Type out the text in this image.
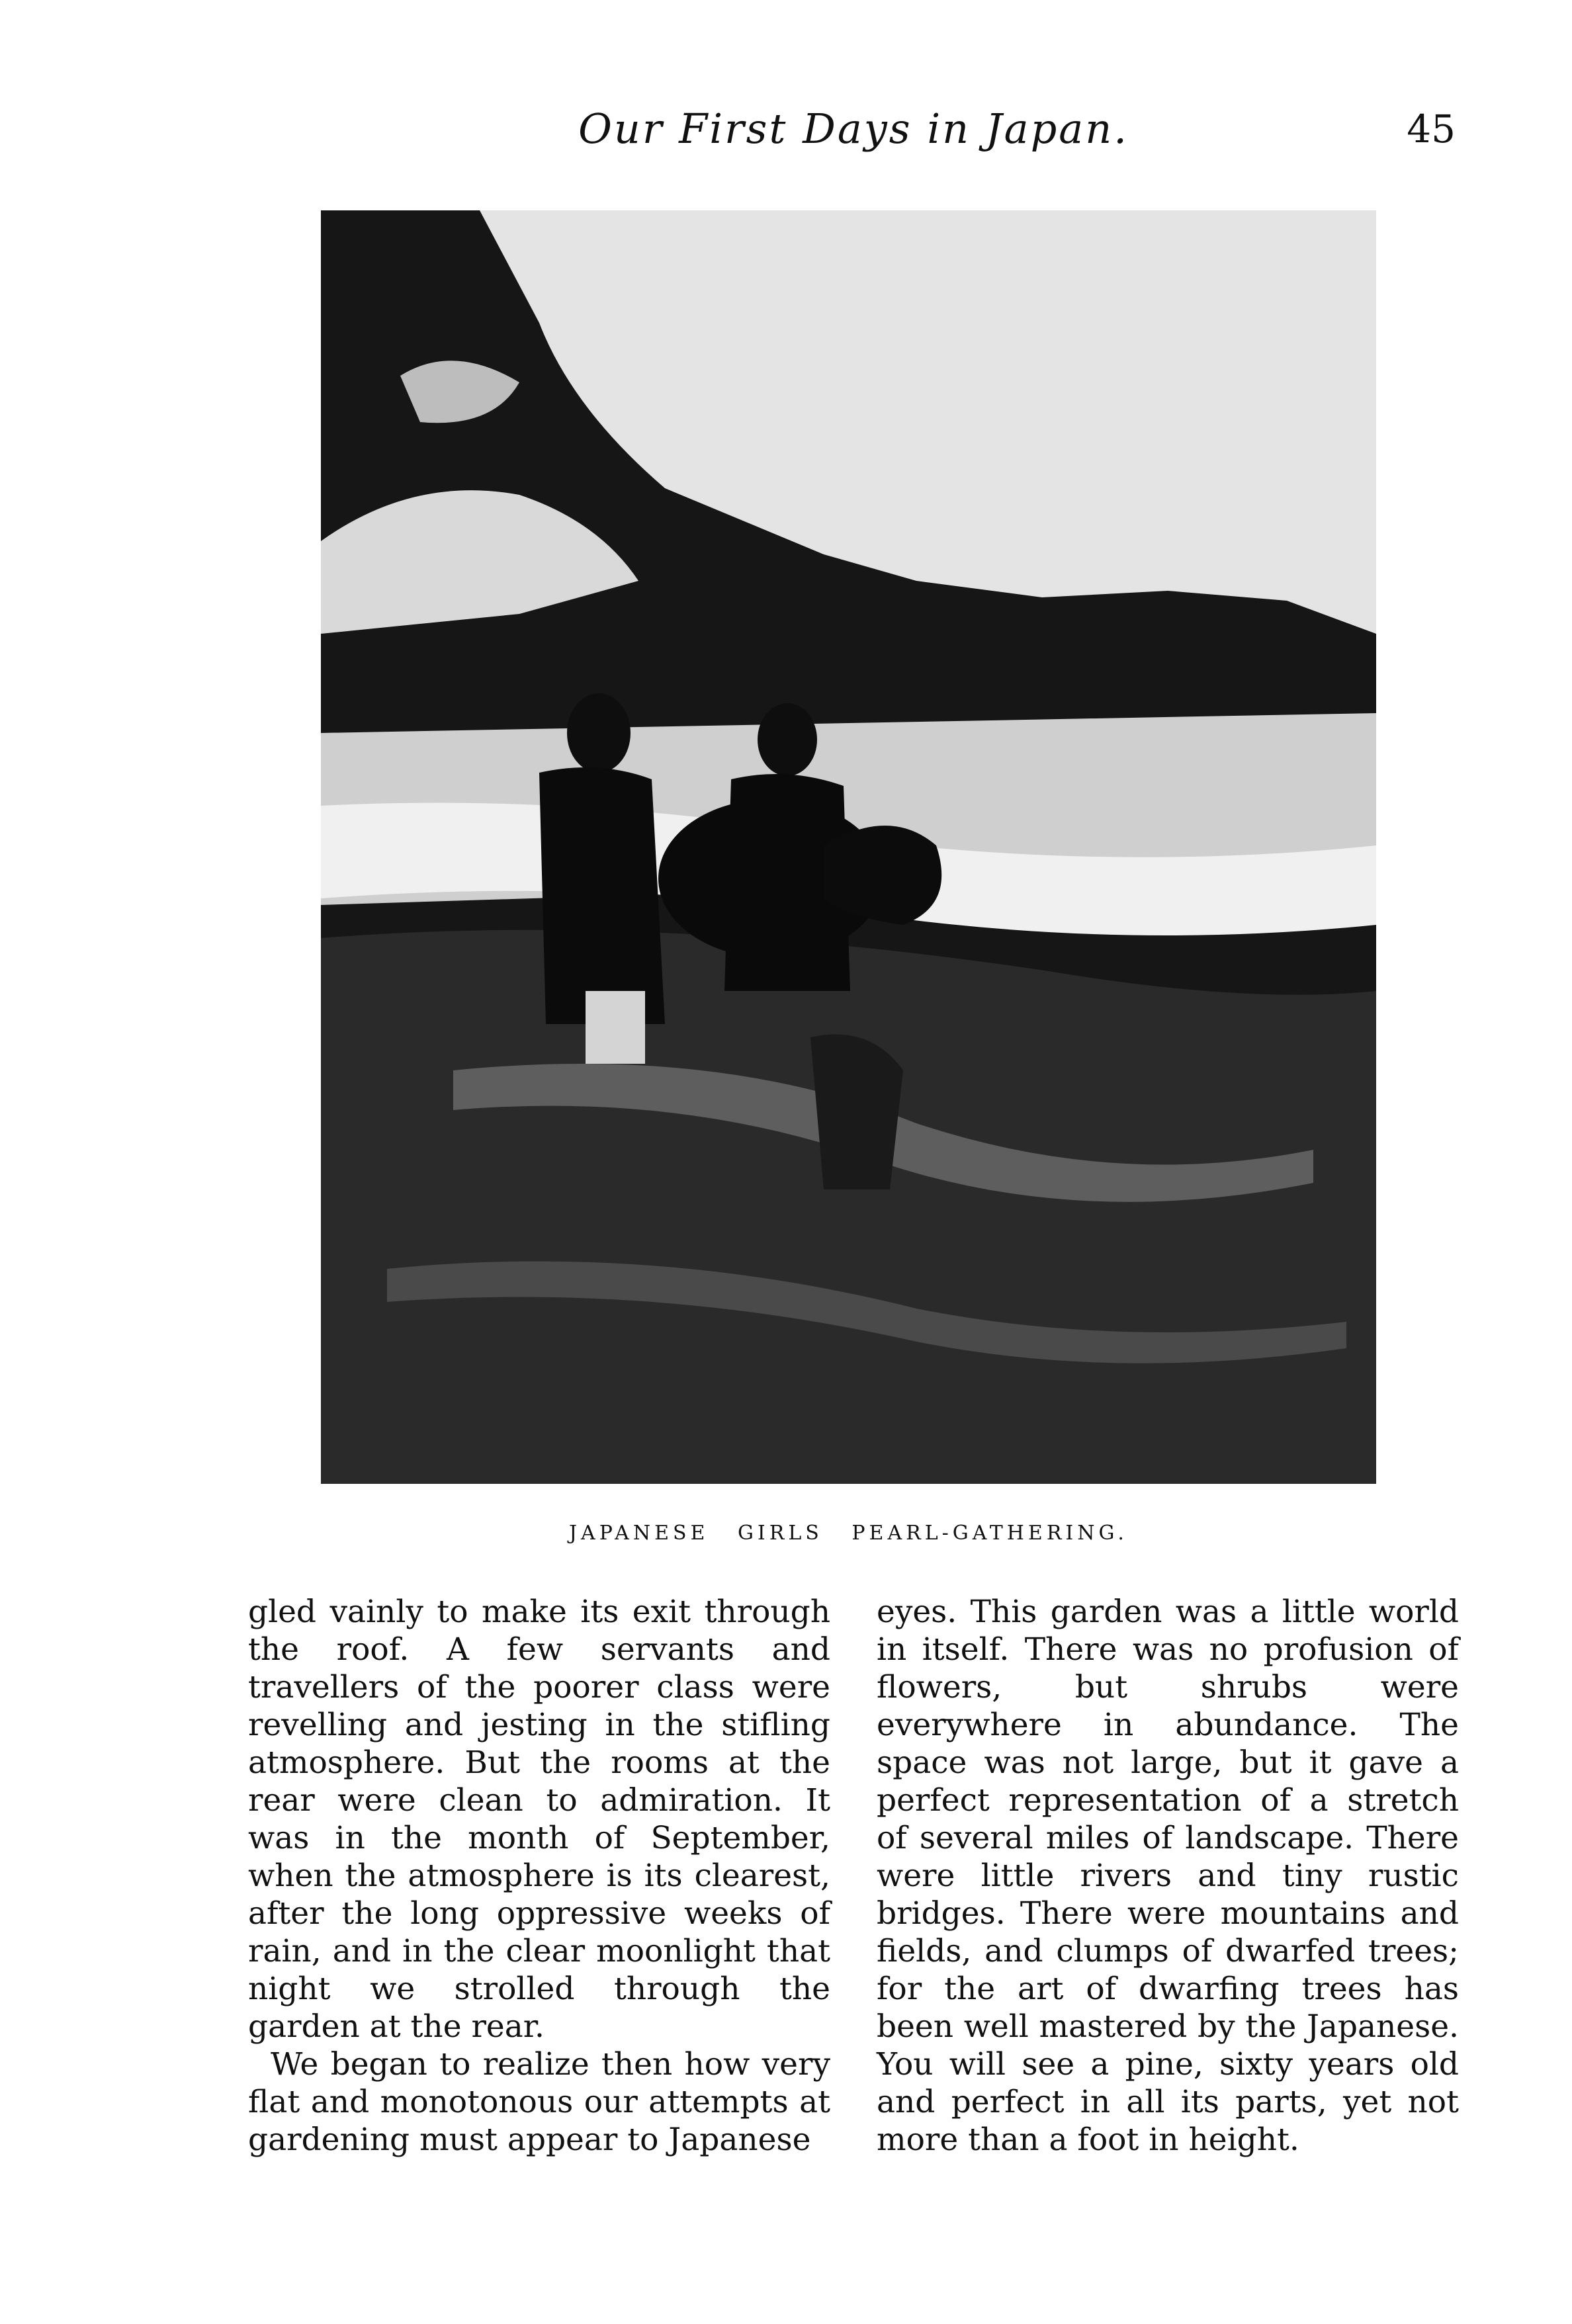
Our First Days in Japan.	45
JAPANESE GIRLS PEARL-GATHERING.

gled vainly to make its exit through the roof. A few servants and travellers of the poorer class were revelling and jesting in the stifling atmosphere. But the rooms at the rear were clean to admiration. It was in the month of September, when the atmosphere is its clearest, after the long oppressive weeks of rain, and in the clear moonlight that night we strolled through the garden at the rear.

We began to realize then how very flat and monotonous our attempts at gardening must appear to Japanese

eyes. This garden was a little world in itself. There was no profusion of flowers, but shrubs were everywhere in abundance. The space was not large, but it gave a perfect representation of a stretch of several miles of landscape. There were little rivers and tiny rustic bridges. There were mountains and fields, and clumps of dwarfed trees; for the art of dwarfing trees has been well mastered by the Japanese. You will see a pine, sixty years old and perfect in all its parts, yet not more than a foot in height.
